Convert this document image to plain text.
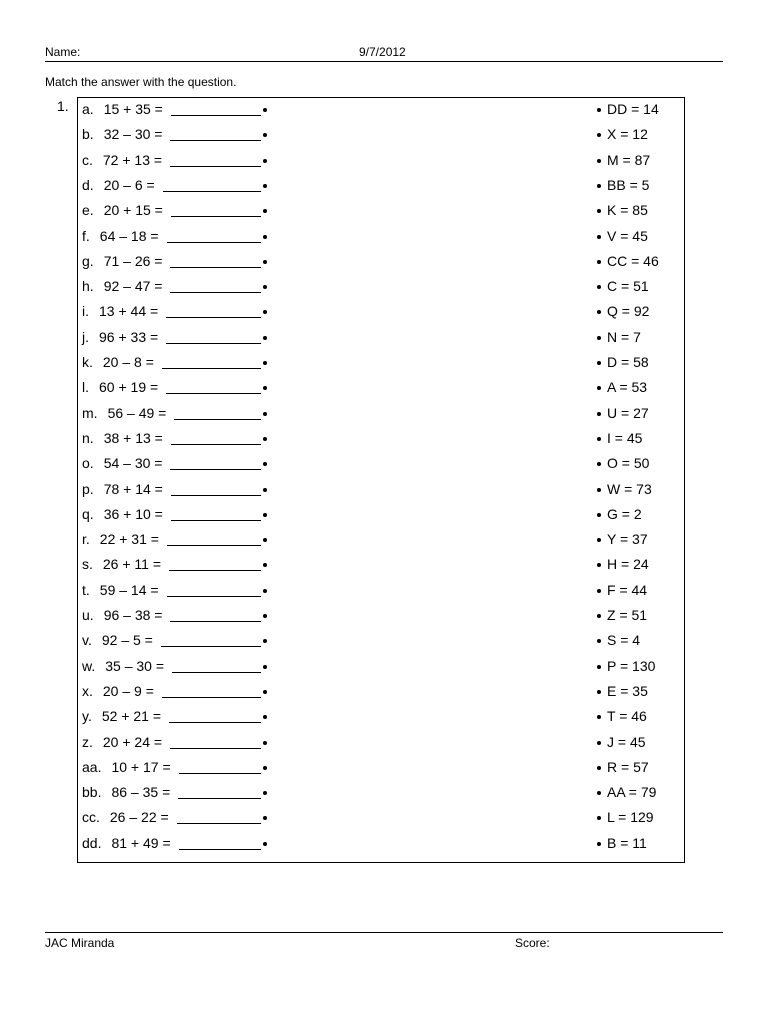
Name:	9/7/2012
Match the answer with the question.
1. a. 15 + 35 =	DD = 14
b. 32 – 30 =	X = 12
c. 72 + 13 =	M = 87
d. 20 – 6 =	BB = 5
e. 20 + 15 =	K = 85
f. 64 – 18 =	V = 45
g. 71 – 26 =	CC = 46
h. 92 – 47 =	C = 51
i. 13 + 44 =	Q = 92
j. 96 + 33 =	N = 7
k. 20 – 8 =	D = 58
l. 60 + 19 =	A = 53
m. 56 – 49 =	U = 27
n. 38 + 13 =	I = 45
o. 54 – 30 =	O = 50
p. 78 + 14 =	W = 73
q. 36 + 10 =	G = 2
r. 22 + 31 =	Y = 37
s. 26 + 11 =	H = 24
t. 59 – 14 =	F = 44
u. 96 – 38 =	Z = 51
v. 92 – 5 =	S = 4
w. 35 – 30 =	P = 130
x. 20 – 9 =	E = 35
y. 52 + 21 =	T = 46
z. 20 + 24 =	J = 45
aa. 10 + 17 =	R = 57
bb. 86 – 35 =	AA = 79
cc. 26 – 22 =	L = 129
dd. 81 + 49 =	B = 11
JAC Miranda	Score:
